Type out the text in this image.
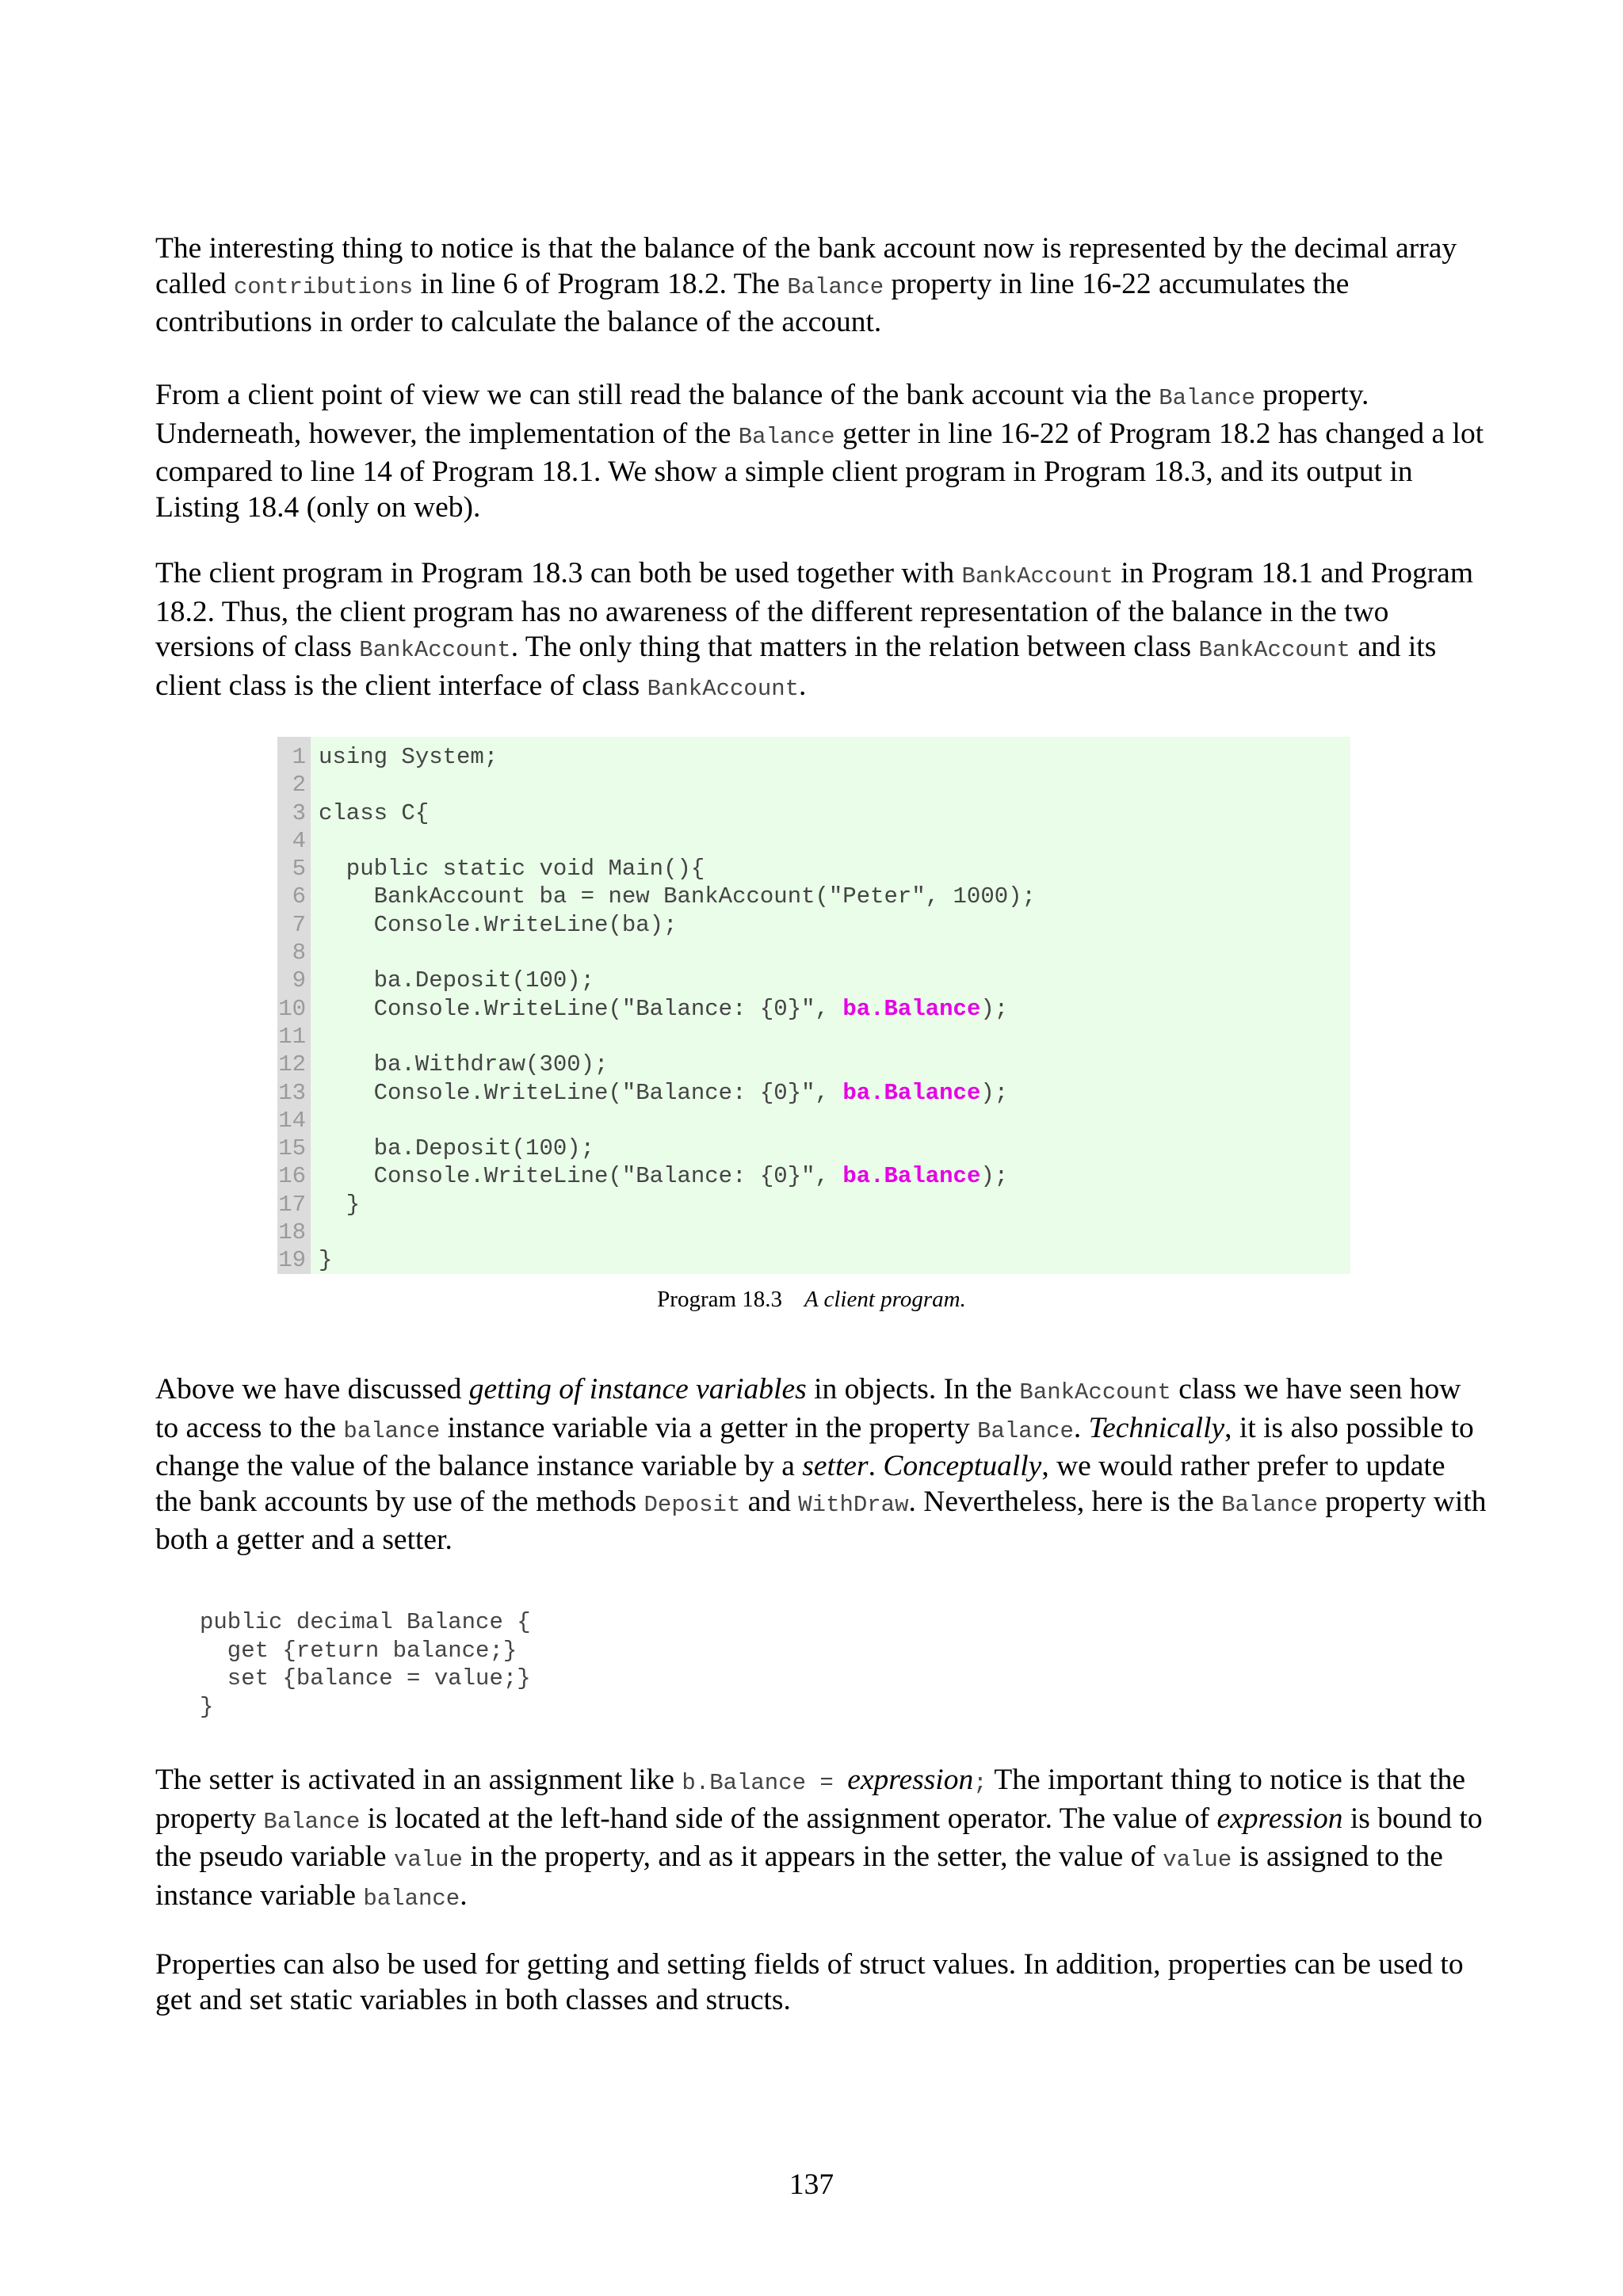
The interesting thing to notice is that the balance of the bank account now is represented by the decimal array called contributions in line 6 of Program 18.2. The Balance property in line 16-22 accumulates the contributions in order to calculate the balance of the account.

From a client point of view we can still read the balance of the bank account via the Balance property. Underneath, however, the implementation of the Balance getter in line 16-22 of Program 18.2 has changed a lot compared to line 14 of Program 18.1. We show a simple client program in Program 18.3, and its output in Listing 18.4 (only on web).

The client program in Program 18.3 can both be used together with BankAccount in Program 18.1 and Program 18.2. Thus, the client program has no awareness of the different representation of the balance in the two versions of class BankAccount. The only thing that matters in the relation between class BankAccount and its client class is the client interface of class BankAccount.

1 using System;
2
3 class C{
4
5 public static void Main(){
6 BankAccount ba = new BankAccount("Peter", 1000);
7 Console.WriteLine(ba);
8
9 ba.Deposit(100);
10 Console.WriteLine("Balance: {0}", ba.Balance);
11
12 ba.Withdraw(300);
13 Console.WriteLine("Balance: {0}", ba.Balance);
14
15 ba.Deposit(100);
16 Console.WriteLine("Balance: {0}", ba.Balance);
17 }
18
19 }
Program 18.3 A client program.

Above we have discussed getting of instance variables in objects. In the BankAccount class we have seen how to access to the balance instance variable via a getter in the property Balance. Technically, it is also possible to change the value of the balance instance variable by a setter. Conceptually, we would rather prefer to update the bank accounts by use of the methods Deposit and WithDraw. Nevertheless, here is the Balance property with both a getter and a setter.

public decimal Balance {
get {return balance;}
set {balance = value;}
}

The setter is activated in an assignment like b.Balance = expression; The important thing to notice is that the property Balance is located at the left-hand side of the assignment operator. The value of expression is bound to the pseudo variable value in the property, and as it appears in the setter, the value of value is assigned to the instance variable balance.

Properties can also be used for getting and setting fields of struct values. In addition, properties can be used to get and set static variables in both classes and structs.

137
